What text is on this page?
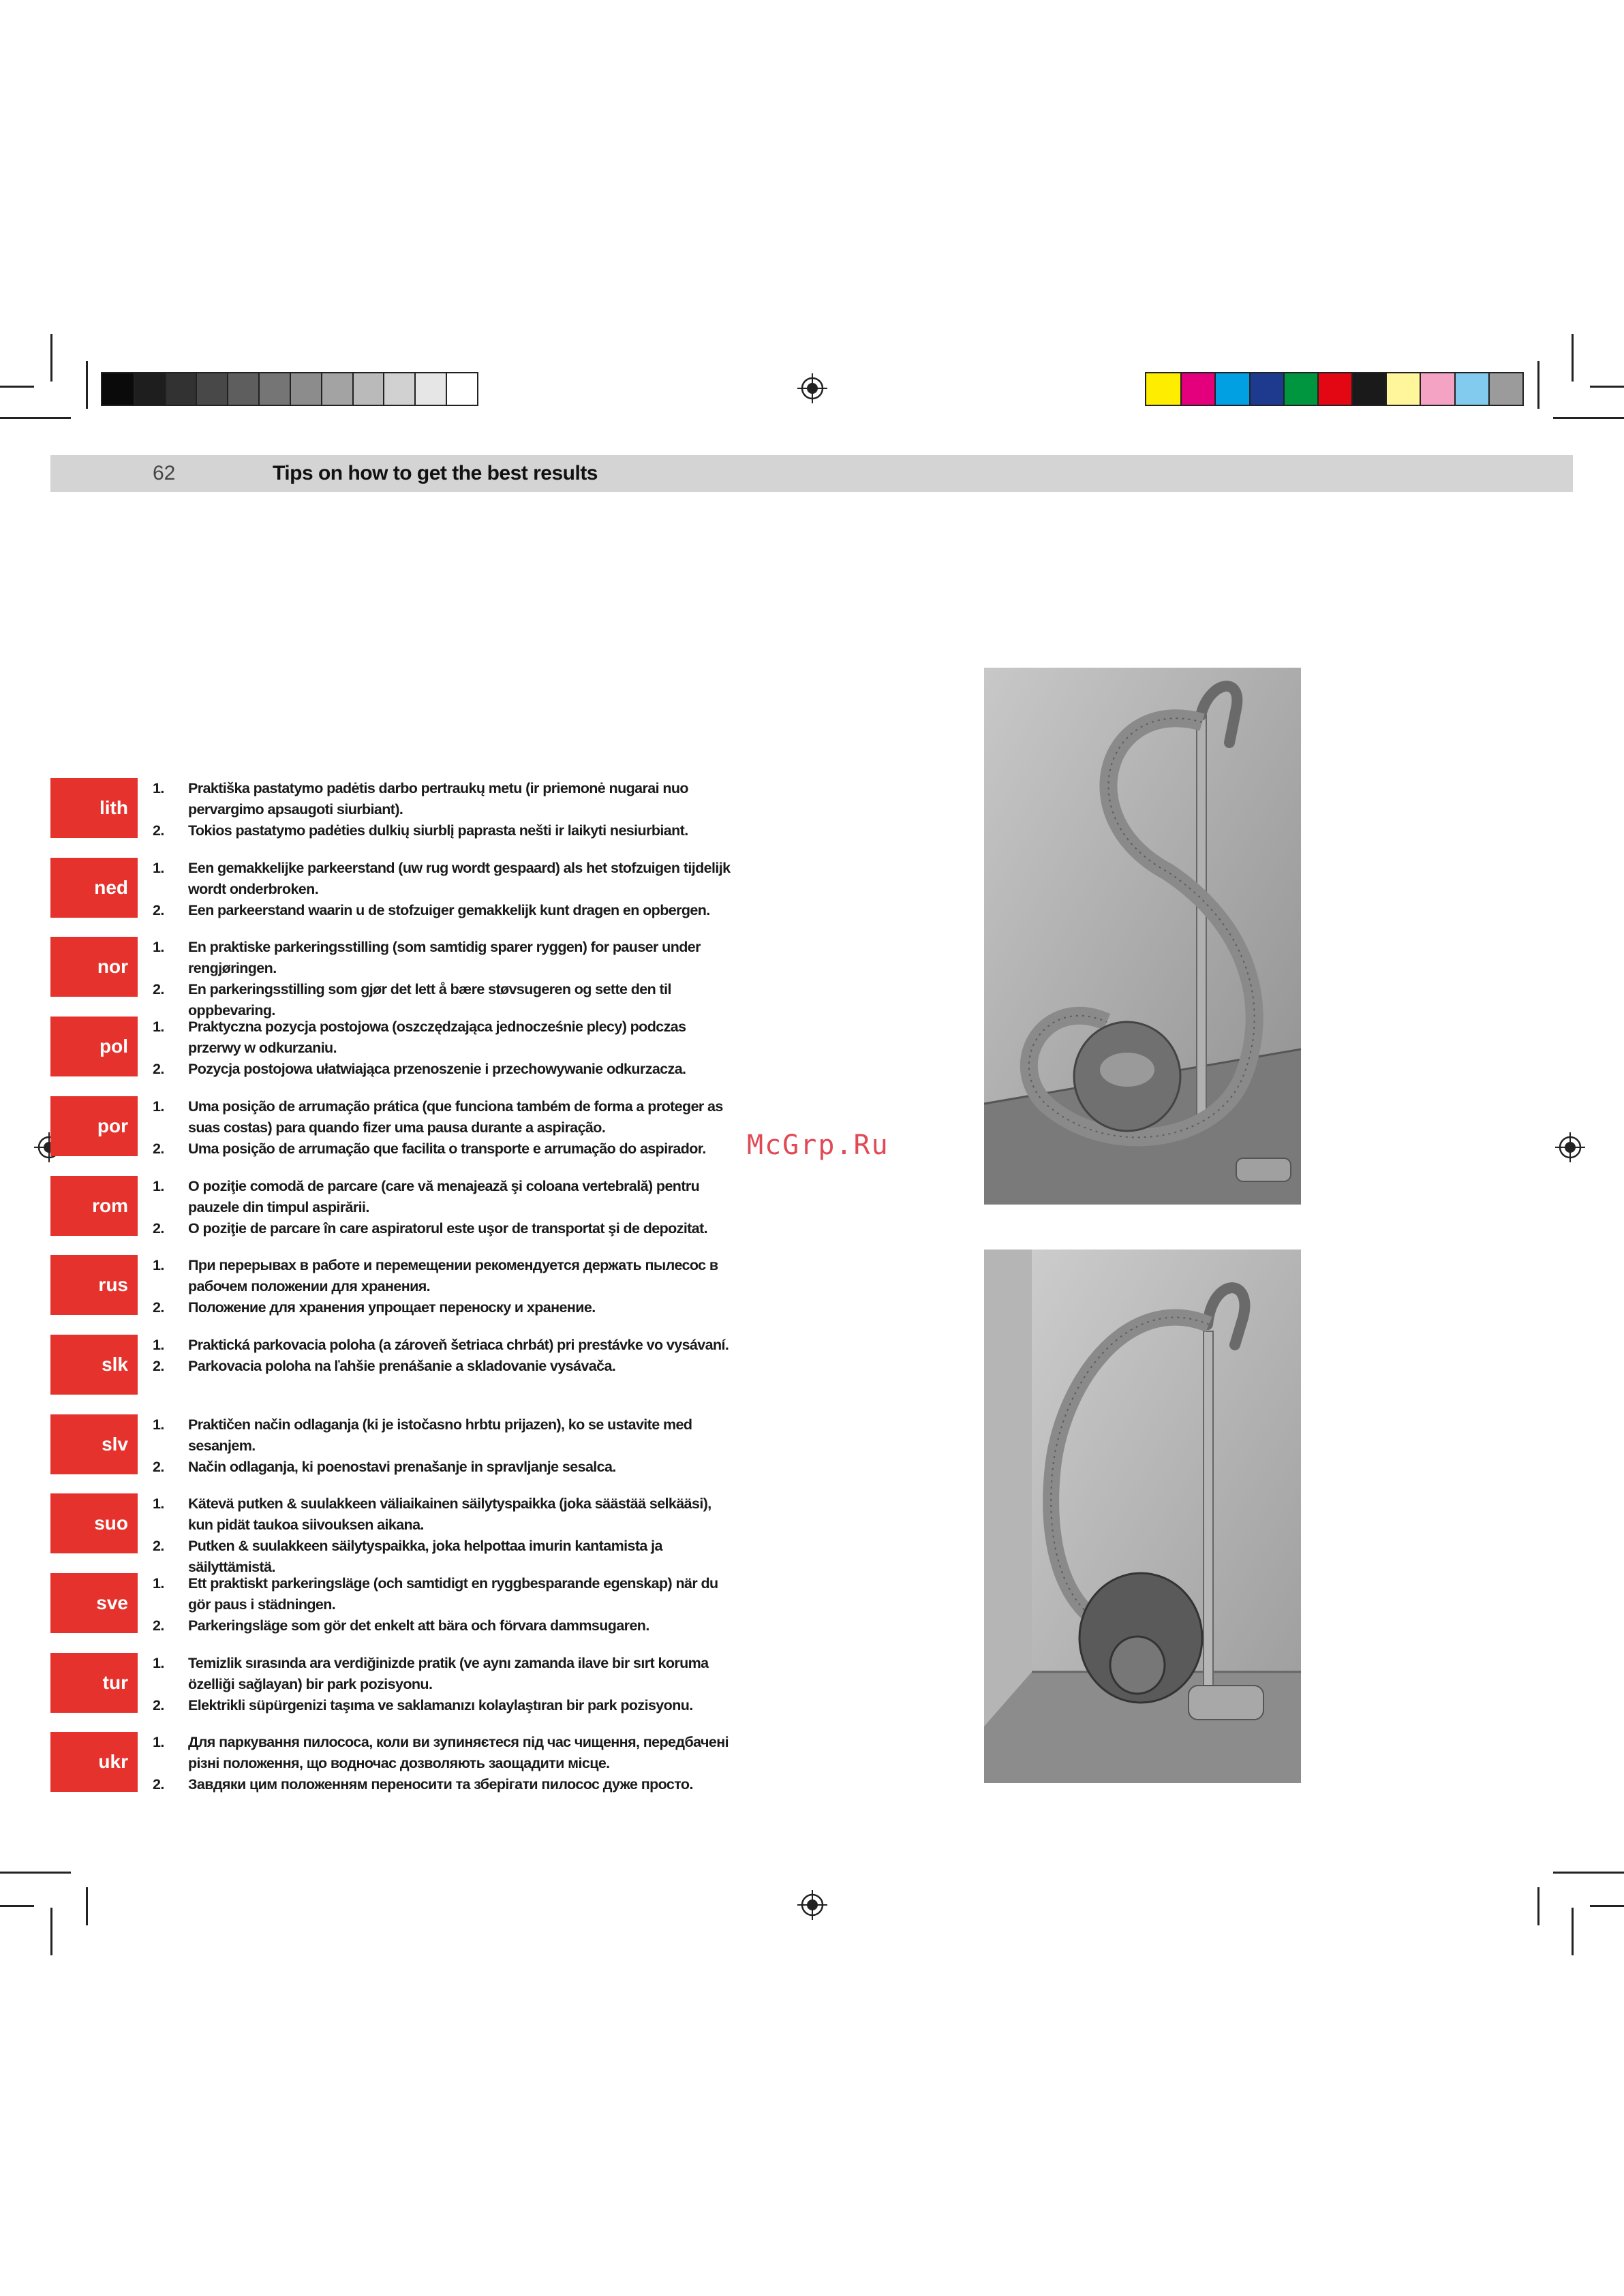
62	Tips on how to get the best results
lith
1. Praktiška pastatymo padėtis darbo pertraukų metu (ir priemonė nugarai nuo pervargimo apsaugoti siurbiant).
2. Tokios pastatymo padėties dulkių siurblį paprasta nešti ir laikyti nesiurbiant.
ned
1. Een gemakkelijke parkeerstand (uw rug wordt gespaard) als het stofzuigen tijdelijk wordt onderbroken.
2. Een parkeerstand waarin u de stofzuiger gemakkelijk kunt dragen en opbergen.
nor
1. En praktiske parkeringsstilling (som samtidig sparer ryggen) for pauser under rengjøringen.
2. En parkeringsstilling som gjør det lett å bære støvsugeren og sette den til oppbevaring.
pol
1. Praktyczna pozycja postojowa (oszczędzająca jednocześnie plecy) podczas przerwy w odkurzaniu.
2. Pozycja postojowa ułatwiająca przenoszenie i przechowywanie odkurzacza.
por
1. Uma posição de arrumação prática (que funciona também de forma a proteger as suas costas) para quando fizer uma pausa durante a aspiração.
2. Uma posição de arrumação que facilita o transporte e arrumação do aspirador.
rom
1. O poziţie comodă de parcare (care vă menajează şi coloana vertebrală) pentru pauzele din timpul aspirării.
2. O poziţie de parcare în care aspiratorul este uşor de transportat şi de depozitat.
rus
1. При перерывах в работе и перемещении рекомендуется держать пылесос в рабочем положении для хранения.
2. Положение для хранения упрощает переноску и хранение.
slk
1. Praktická parkovacia poloha (a zároveň šetriaca chrbát) pri prestávke vo vysávaní.
2. Parkovacia poloha na ľahšie prenášanie a skladovanie vysávača.
slv
1. Praktičen način odlaganja (ki je istočasno hrbtu prijazen), ko se ustavite med sesanjem.
2. Način odlaganja, ki poenostavi prenašanje in spravljanje sesalca.
suo
1. Kätevä putken & suulakkeen väliaikainen säilytyspaikka (joka säästää selkääsi), kun pidät taukoa siivouksen aikana.
2. Putken & suulakkeen säilytyspaikka, joka helpottaa imurin kantamista ja säilyttämistä.
sve
1. Ett praktiskt parkeringsläge (och samtidigt en ryggbesparande egenskap) när du gör paus i städningen.
2. Parkeringsläge som gör det enkelt att bära och förvara dammsugaren.
tur
1. Temizlik sırasında ara verdiğinizde pratik (ve aynı zamanda ilave bir sırt koruma özelliği sağlayan) bir park pozisyonu.
2. Elektrikli süpürgenizi taşıma ve saklamanızı kolaylaştıran bir park pozisyonu.
ukr
1. Для паркування пилососа, коли ви зупиняєтеся під час чищення, передбачені різні положення, що водночас дозволяють заощадити місце.
2. Завдяки цим положенням переносити та зберігати пилосос дуже просто.
McGrp.Ru
